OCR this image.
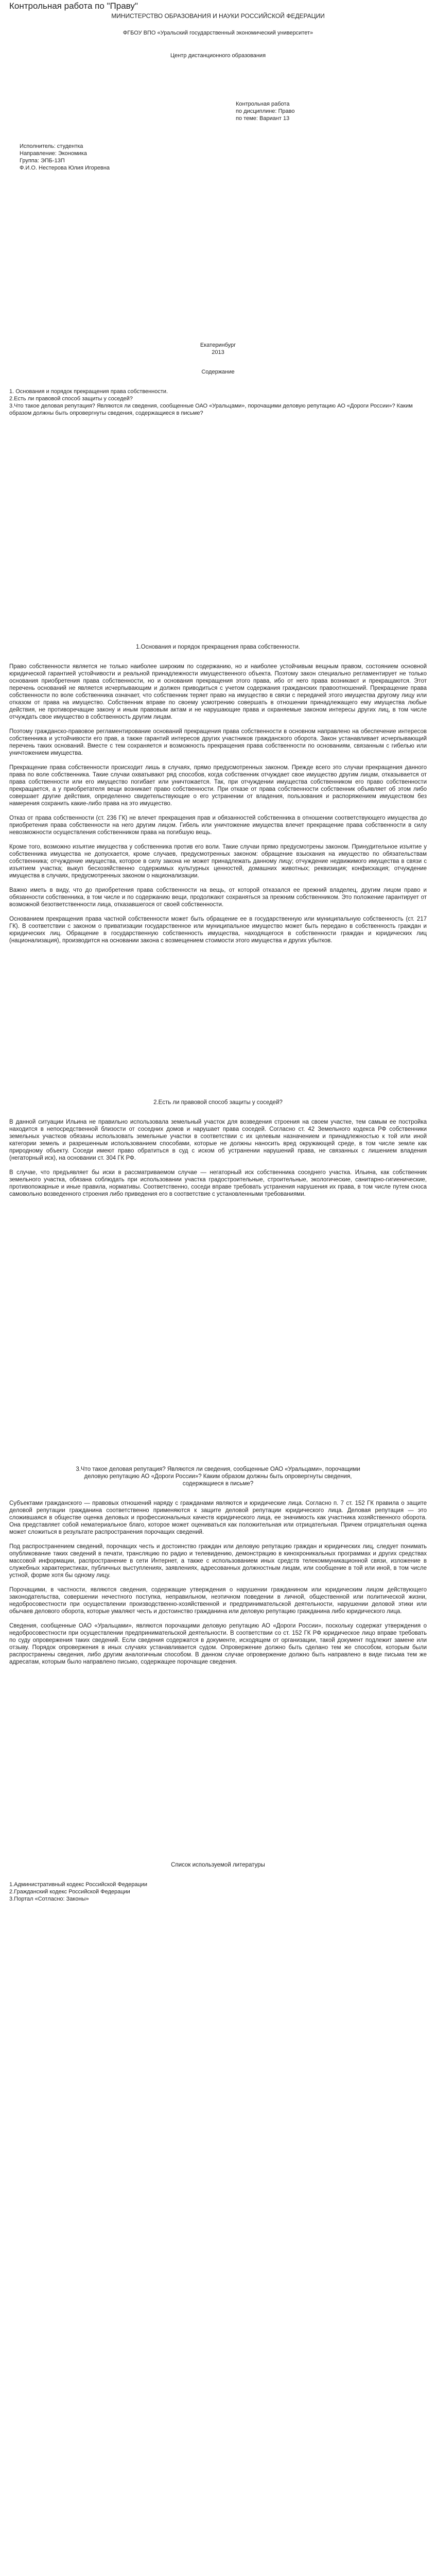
Контрольная работа по "Праву"

МИНИСТЕРСТВО ОБРАЗОВАНИЯ И НАУКИ РОССИЙСКОЙ ФЕДЕРАЦИИ

ФГБОУ ВПО «Уральский государственный экономический университет»

Центр дистанционного образования

Контрольная работа

по дисциплине: Право

по теме: Вариант 13

Исполнитель: студентка

Направление: Экономика

Группа: ЭПБ-13П

Ф.И.О. Нестерова Юлия Игоревна

Екатеринбург

2013

Содержание

1. Основания и порядок прекращения права собственности.

2.Есть ли правовой способ защиты у соседей?

3.Что такое деловая репутация? Являются ли сведения, сообщенные ОАО «Уральцами», порочащими деловую репутацию АО «Дороги России»? Каким образом должны быть опровергнуты сведения, содержащиеся в письме?

1.Основания и порядок прекращения права собственности.

Право собственности является не только наиболее широким по содержанию, но и наиболее устойчивым вещным правом, состоянием основной юридической гарантией устойчивости и реальной принадлежности имущественного объекта. Поэтому закон специально регламентирует не только основания приобретения права собственности, но и основания прекращения этого права, ибо от него права возникают и прекращаются. Этот перечень оснований не является исчерпывающим и должен приводиться с учетом содержания гражданских правоотношений. Прекращение права собственности по воле собственника означает, что собственник теряет право на имущество в связи с передачей этого имущества другому лицу или отказом от права на имущество. Собственник вправе по своему усмотрению совершать в отношении принадлежащего ему имущества любые действия, не противоречащие закону и иным правовым актам и не нарушающие права и охраняемые законом интересы других лиц, в том числе отчуждать свое имущество в собственность другим лицам.

Поэтому гражданско-правовое регламентирование оснований прекращения права собственности в основном направлено на обеспечение интересов собственника и устойчивости его прав, а также гарантий интересов других участников гражданского оборота. Закон устанавливает исчерпывающий перечень таких оснований. Вместе с тем сохраняется и возможность прекращения права собственности по основаниям, связанным с гибелью или уничтожением имущества.

Прекращение права собственности происходит лишь в случаях, прямо предусмотренных законом. Прежде всего это случаи прекращения данного права по воле собственника. Такие случаи охватывают ряд способов, когда собственник отчуждает свое имущество другим лицам, отказывается от права собственности или его имущество погибает или уничтожается. Так, при отчуждении имущества собственником его право собственности прекращается, а у приобретателя вещи возникает право собственности. При отказе от права собственности собственник объявляет об этом либо совершает другие действия, определенно свидетельствующие о его устранении от владения, пользования и распоряжением имуществом без намерения сохранить какие-либо права на это имущество.

Отказ от права собственности (ст. 236 ГК) не влечет прекращения прав и обязанностей собственника в отношении соответствующего имущества до приобретения права собственности на него другим лицом. Гибель или уничтожение имущества влечет прекращение права собственности в силу невозможности осуществления собственником права на погибшую вещь.

Кроме того, возможно изъятие имущества у собственника против его воли. Такие случаи прямо предусмотрены законом. Принудительное изъятие у собственника имущества не допускается, кроме случаев, предусмотренных законом: обращение взыскания на имущество по обязательствам собственника; отчуждение имущества, которое в силу закона не может принадлежать данному лицу; отчуждение недвижимого имущества в связи с изъятием участка; выкуп бесхозяйственно содержимых культурных ценностей, домашних животных; реквизиция; конфискация; отчуждение имущества в случаях, предусмотренных законом о национализации.

Важно иметь в виду, что до приобретения права собственности на вещь, от которой отказался ее прежний владелец, другим лицом право и обязанности собственника, в том числе и по содержанию вещи, продолжают сохраняться за прежним собственником. Это положение гарантирует от возможной безответственности лица, отказавшегося от своей собственности.

Основанием прекращения права частной собственности может быть обращение ее в государственную или муниципальную собственность (ст. 217 ГК). В соответствии с законом о приватизации государственное или муниципальное имущество может быть передано в собственность граждан и юридических лиц. Обращение в государственную собственность имущества, находящегося в собственности граждан и юридических лиц (национализация), производится на основании закона с возмещением стоимости этого имущества и других убытков.

2.Есть ли правовой способ защиты у соседей?

В данной ситуации Ильина не правильно использовала земельный участок для возведения строения на своем участке, тем самым ее постройка находится в непосредственной близости от соседних домов и нарушает права соседей. Согласно ст. 42 Земельного кодекса РФ собственники земельных участков обязаны использовать земельные участки в соответствии с их целевым назначением и принадлежностью к той или иной категории земель и разрешенным использованием способами, которые не должны наносить вред окружающей среде, в том числе земле как природному объекту. Соседи имеют право обратиться в суд с иском об устранении нарушений права, не связанных с лишением владения (негаторный иск), на основании ст. 304 ГК РФ.

В случае, что предъявляет бы иски в рассматриваемом случае — негаторный иск собственника соседнего участка. Ильина, как собственник земельного участка, обязана соблюдать при использовании участка градостроительные, строительные, экологические, санитарно-гигиенические, противопожарные и иные правила, нормативы. Соответственно, соседи вправе требовать устранения нарушения их права, в том числе путем сноса самовольно возведенного строения либо приведения его в соответствие с установленными требованиями.

3.Что такое деловая репутация? Являются ли сведения, сообщенные ОАО «Уральцами», порочащими деловую репутацию АО «Дороги России»? Каким образом должны быть опровергнуты сведения, содержащиеся в письме?

Субъектами гражданского — правовых отношений наряду с гражданами являются и юридические лица. Согласно п. 7 ст. 152 ГК правила о защите деловой репутации гражданина соответственно применяются к защите деловой репутации юридического лица. Деловая репутация — это сложившаяся в обществе оценка деловых и профессиональных качеств юридического лица, ее значимость как участника хозяйственного оборота. Она представляет собой нематериальное благо, которое может оцениваться как положительная или отрицательная. Причем отрицательная оценка может сложиться в результате распространения порочащих сведений.

Под распространением сведений, порочащих честь и достоинство граждан или деловую репутацию граждан и юридических лиц, следует понимать опубликование таких сведений в печати, трансляцию по радио и телевидению, демонстрацию в кинохроникальных программах и других средствах массовой информации, распространение в сети Интернет, а также с использованием иных средств телекоммуникационной связи, изложение в служебных характеристиках, публичных выступлениях, заявлениях, адресованных должностным лицам, или сообщение в той или иной, в том числе устной, форме хотя бы одному лицу.

Порочащими, в частности, являются сведения, содержащие утверждения о нарушении гражданином или юридическим лицом действующего законодательства, совершении нечестного поступка, неправильном, неэтичном поведении в личной, общественной или политической жизни, недобросовестности при осуществлении производственно-хозяйственной и предпринимательской деятельности, нарушении деловой этики или обычаев делового оборота, которые умаляют честь и достоинство гражданина или деловую репутацию гражданина либо юридического лица.

Сведения, сообщенные ОАО «Уральцами», являются порочащими деловую репутацию АО «Дороги России», поскольку содержат утверждения о недобросовестности при осуществлении предпринимательской деятельности. В соответствии со ст. 152 ГК РФ юридическое лицо вправе требовать по суду опровержения таких сведений. Если сведения содержатся в документе, исходящем от организации, такой документ подлежит замене или отзыву. Порядок опровержения в иных случаях устанавливается судом. Опровержение должно быть сделано тем же способом, которым были распространены сведения, либо другим аналогичным способом. В данном случае опровержение должно быть направлено в виде письма тем же адресатам, которым было направлено письмо, содержащее порочащие сведения.

Список используемой литературы

1.Административный кодекс Российской Федерации

2.Гражданский кодекс Российской Федерации

3.Портал «Сотласно: Законы»
